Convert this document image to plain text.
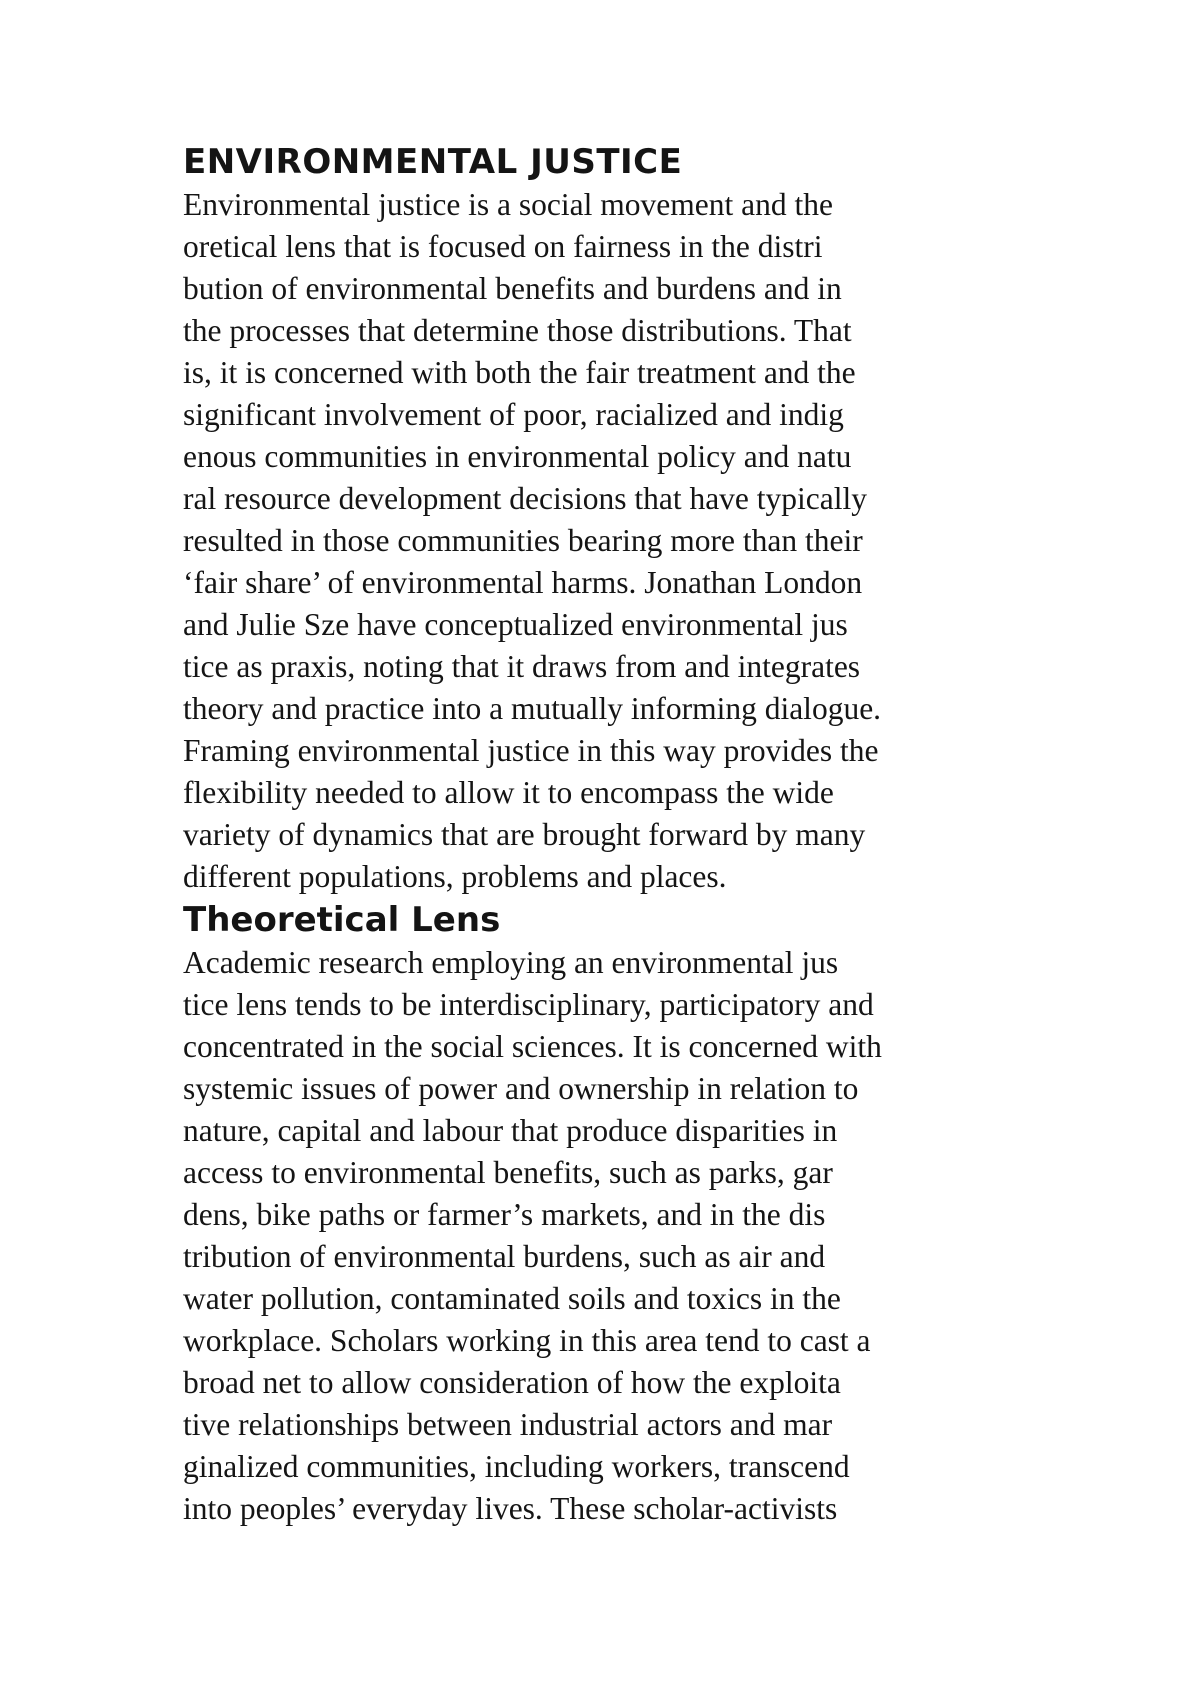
ENVIRONMENTAL JUSTICE
Environmental justice is a social movement and the
oretical lens that is focused on fairness in the distri
bution of environmental benefits and burdens and in
the processes that determine those distributions. That
is, it is concerned with both the fair treatment and the
significant involvement of poor, racialized and indig
enous communities in environmental policy and natu
ral resource development decisions that have typically
resulted in those communities bearing more than their
‘fair share’ of environmental harms. Jonathan London
and Julie Sze have conceptualized environmental jus
tice as praxis, noting that it draws from and integrates
theory and practice into a mutually informing dialogue.
Framing environmental justice in this way provides the
flexibility needed to allow it to encompass the wide
variety of dynamics that are brought forward by many
different populations, problems and places.
Theoretical Lens
Academic research employing an environmental jus
tice lens tends to be interdisciplinary, participatory and
concentrated in the social sciences. It is concerned with
systemic issues of power and ownership in relation to
nature, capital and labour that produce disparities in
access to environmental benefits, such as parks, gar
dens, bike paths or farmer’s markets, and in the dis
tribution of environmental burdens, such as air and
water pollution, contaminated soils and toxics in the
workplace. Scholars working in this area tend to cast a
broad net to allow consideration of how the exploita
tive relationships between industrial actors and mar
ginalized communities, including workers, transcend
into peoples’ everyday lives. These scholar-activists
